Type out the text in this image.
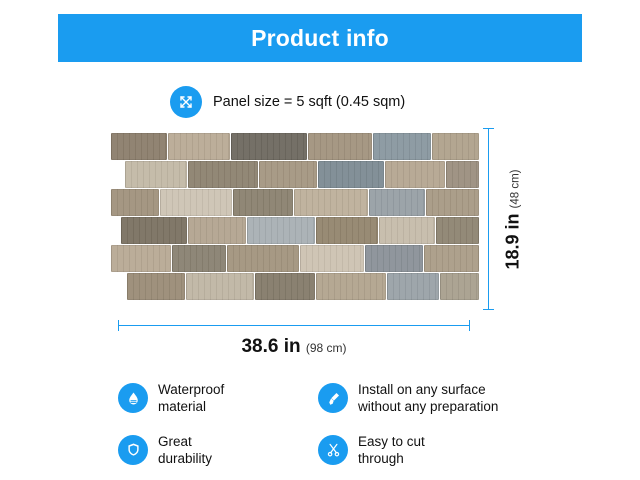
Product info
Panel size = 5 sqft (0.45 sqm)
18.9 in (48 cm)
38.6 in (98 cm)
Waterproof
material
Install on any surface
without any preparation
Great
durability
Easy to cut
through
